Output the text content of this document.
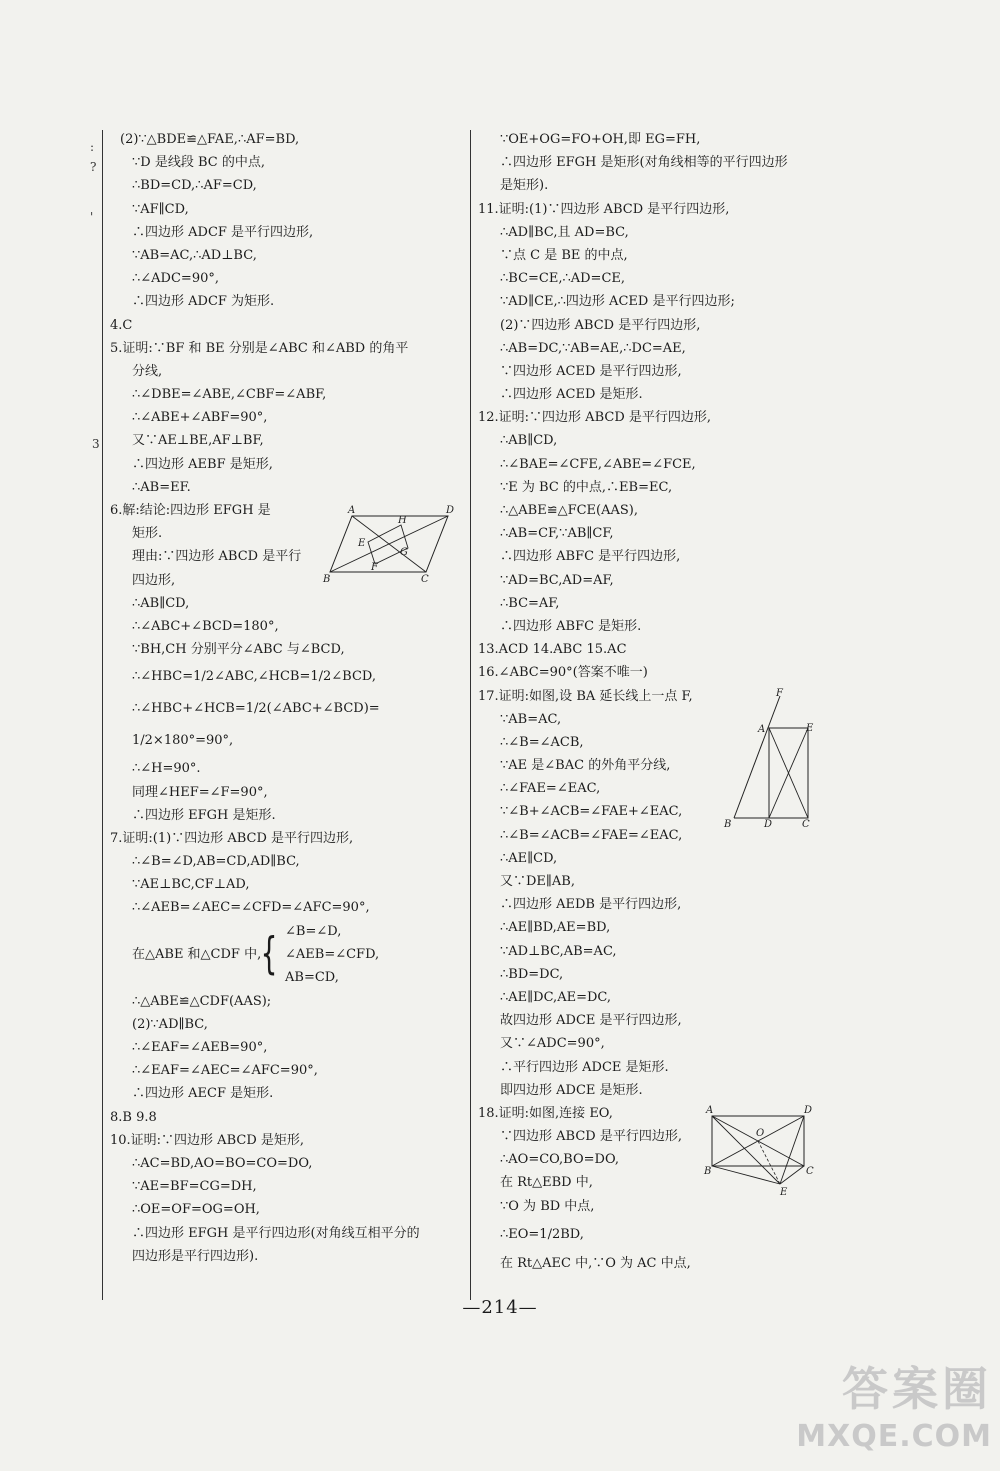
:
?
'
3
(2)∵△BDE≌△FAE,∴AF=BD,
∵D 是线段 BC 的中点,
∴BD=CD,∴AF=CD,
∵AF∥CD,
∴四边形 ADCF 是平行四边形,
∵AB=AC,∴AD⊥BC,
∴∠ADC=90°,
∴四边形 ADCF 为矩形.
4.C
5.证明:∵BF 和 BE 分别是∠ABC 和∠ABD 的角平
分线,
∴∠DBE=∠ABE,∠CBF=∠ABF,
∴∠ABE+∠ABF=90°,
又∵AE⊥BE,AF⊥BF,
∴四边形 AEBF 是矩形,
∴AB=EF.
6.解:结论:四边形 EFGH 是
矩形.
理由:∵四边形 ABCD 是平行
四边形,
∴AB∥CD,
∴∠ABC+∠BCD=180°,
∵BH,CH 分别平分∠ABC 与∠BCD,
∴∠HBC=1/2∠ABC,∠HCB=1/2∠BCD,
∴∠HBC+∠HCB=1/2(∠ABC+∠BCD)=
1/2×180°=90°,
∴∠H=90°.
同理∠HEF=∠F=90°,
∴四边形 EFGH 是矩形.
7.证明:(1)∵四边形 ABCD 是平行四边形,
∴∠B=∠D,AB=CD,AD∥BC,
∵AE⊥BC,CF⊥AD,
∴∠AEB=∠AEC=∠CFD=∠AFC=90°,
在△ABE 和△CDF 中, { ∠B=∠D,
∠AEB=∠CFD,
AB=CD,
∴△ABE≌△CDF(AAS);
(2)∵AD∥BC,
∴∠EAF=∠AEB=90°,
∴∠EAF=∠AEC=∠AFC=90°,
∴四边形 AECF 是矩形.
8.B 9.8
10.证明:∵四边形 ABCD 是矩形,
∴AC=BD,AO=BO=CO=DO,
∵AE=BF=CG=DH,
∴OE=OF=OG=OH,
∴四边形 EFGH 是平行四边形(对角线互相平分的
四边形是平行四边形).
A	D
H
E
G
B
F
C
∵OE+OG=FO+OH,即 EG=FH,
∴四边形 EFGH 是矩形(对角线相等的平行四边形
是矩形).
11.证明:(1)∵四边形 ABCD 是平行四边形,
∴AD∥BC,且 AD=BC,
∵点 C 是 BE 的中点,
∴BC=CE,∴AD=CE,
∵AD∥CE,∴四边形 ACED 是平行四边形;
(2)∵四边形 ABCD 是平行四边形,
∴AB=DC,∵AB=AE,∴DC=AE,
∵四边形 ACED 是平行四边形,
∴四边形 ACED 是矩形.
12.证明:∵四边形 ABCD 是平行四边形,
∴AB∥CD,
∴∠BAE=∠CFE,∠ABE=∠FCE,
∵E 为 BC 的中点,∴EB=EC,
∴△ABE≌△FCE(AAS),
∴AB=CF,∵AB∥CF,
∴四边形 ABFC 是平行四边形,
∵AD=BC,AD=AF,
∴BC=AF,
∴四边形 ABFC 是矩形.
13.ACD 14.ABC 15.AC
16.∠ABC=90°(答案不唯一)
17.证明:如图,设 BA 延长线上一点 F,
∵AB=AC,
∴∠B=∠ACB,
∵AE 是∠BAC 的外角平分线,
∴∠FAE=∠EAC,
∵∠B+∠ACB=∠FAE+∠EAC,
∴∠B=∠ACB=∠FAE=∠EAC,
∴AE∥CD,
又∵DE∥AB,
∴四边形 AEDB 是平行四边形,
∴AE∥BD,AE=BD,
∵AD⊥BC,AB=AC,
∴BD=DC,
∴AE∥DC,AE=DC,
故四边形 ADCE 是平行四边形,
又∵∠ADC=90°,
∴平行四边形 ADCE 是矩形.
即四边形 ADCE 是矩形.
18.证明:如图,连接 EO,
∵四边形 ABCD 是平行四边形,
∴AO=CO,BO=DO,
在 Rt△EBD 中,
∵O 为 BD 中点,
∴EO=1/2BD,
在 Rt△AEC 中,∵O 为 AC 中点,
F
A	E
B	D	C
A	D
O
B	C
E
—214—
答案圈
MXQE.COM
